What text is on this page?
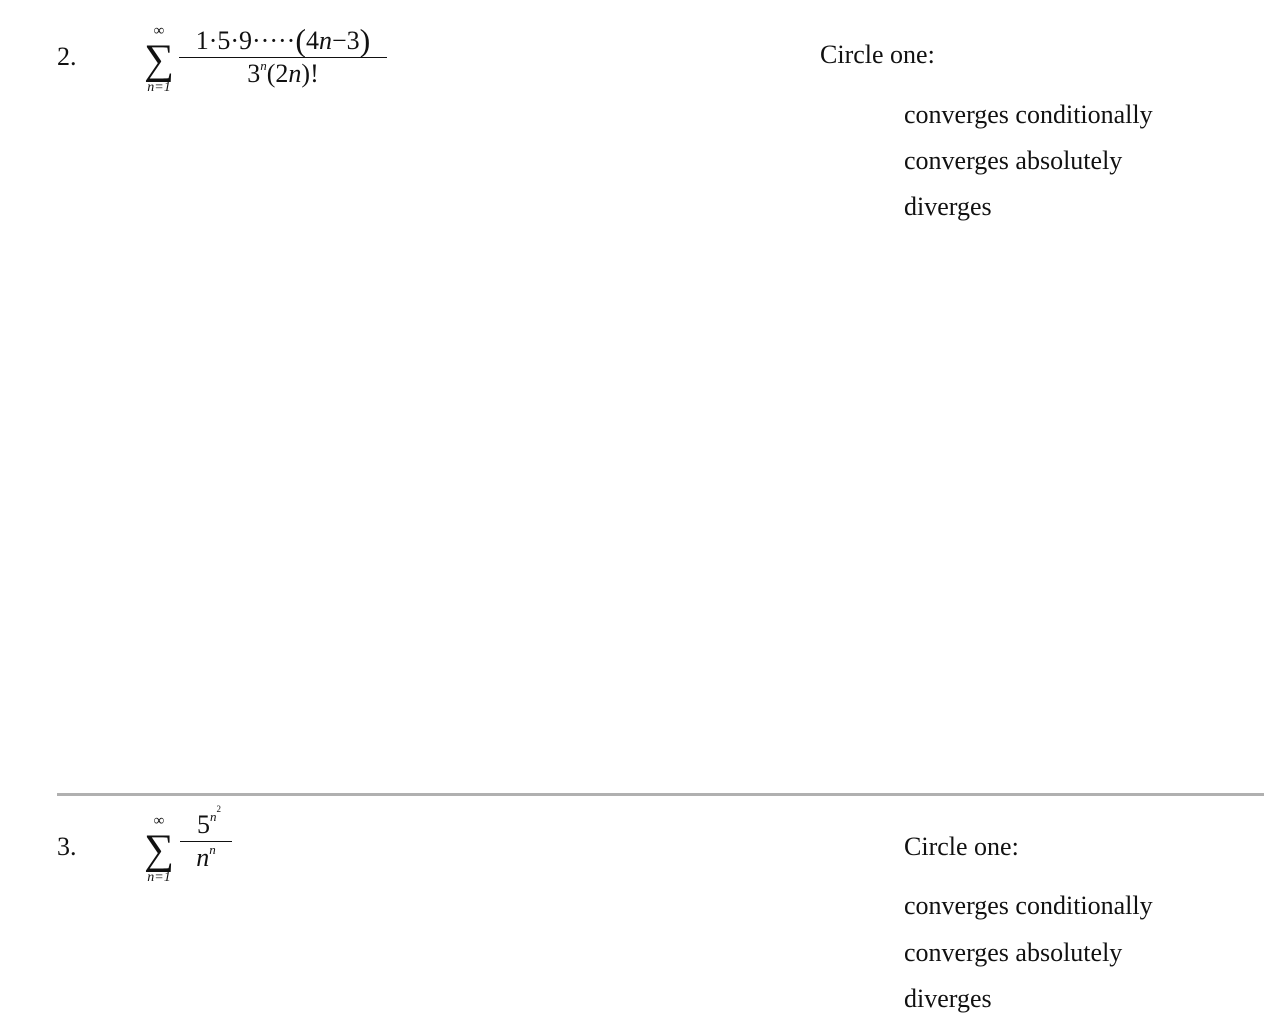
2.
∞
∑
n=1
1·5·9·····(4n−3)
3$^n$(2n)!
Circle one:
converges conditionally
converges absolutely
diverges
3.
∞
∑
n=1
$5^{n^2}$
$n^n$	Circle one:
converges conditionally
converges absolutely
diverges
